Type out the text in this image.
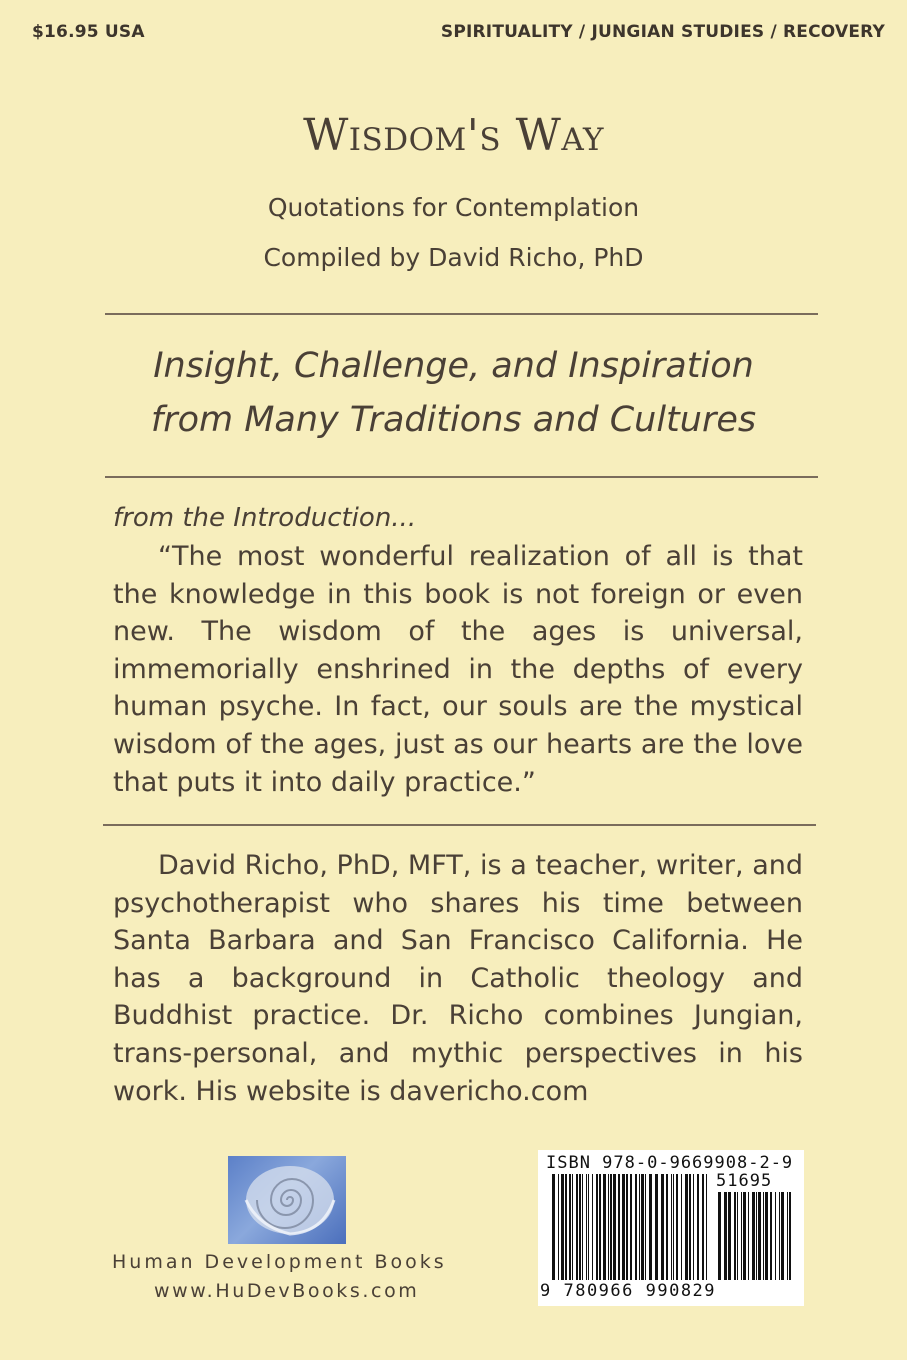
$16.95 USA	SPIRITUALITY / JUNGIAN STUDIES / RECOVERY
Wisdom's Way
Quotations for Contemplation
Compiled by David Richo, PhD
Insight, Challenge, and Inspiration
from Many Traditions and Cultures
from the Introduction...
“The most wonderful realization of all is that the knowledge in this book is not foreign or even new. The wisdom of the ages is universal, immemorially enshrined in the depths of every human psyche. In fact, our souls are the mystical wisdom of the ages, just as our hearts are the love that puts it into daily practice.”
David Richo, PhD, MFT, is a teacher, writer, and psychotherapist who shares his time between Santa Barbara and San Francisco California. He has a background in Catholic theology and Buddhist practice. Dr. Richo combines Jungian, trans-personal, and mythic perspectives in his work. His website is davericho.com
Human Development Books
www.HuDevBooks.com
ISBN 978-0-9669908-2-9
51695
9 780966 990829
